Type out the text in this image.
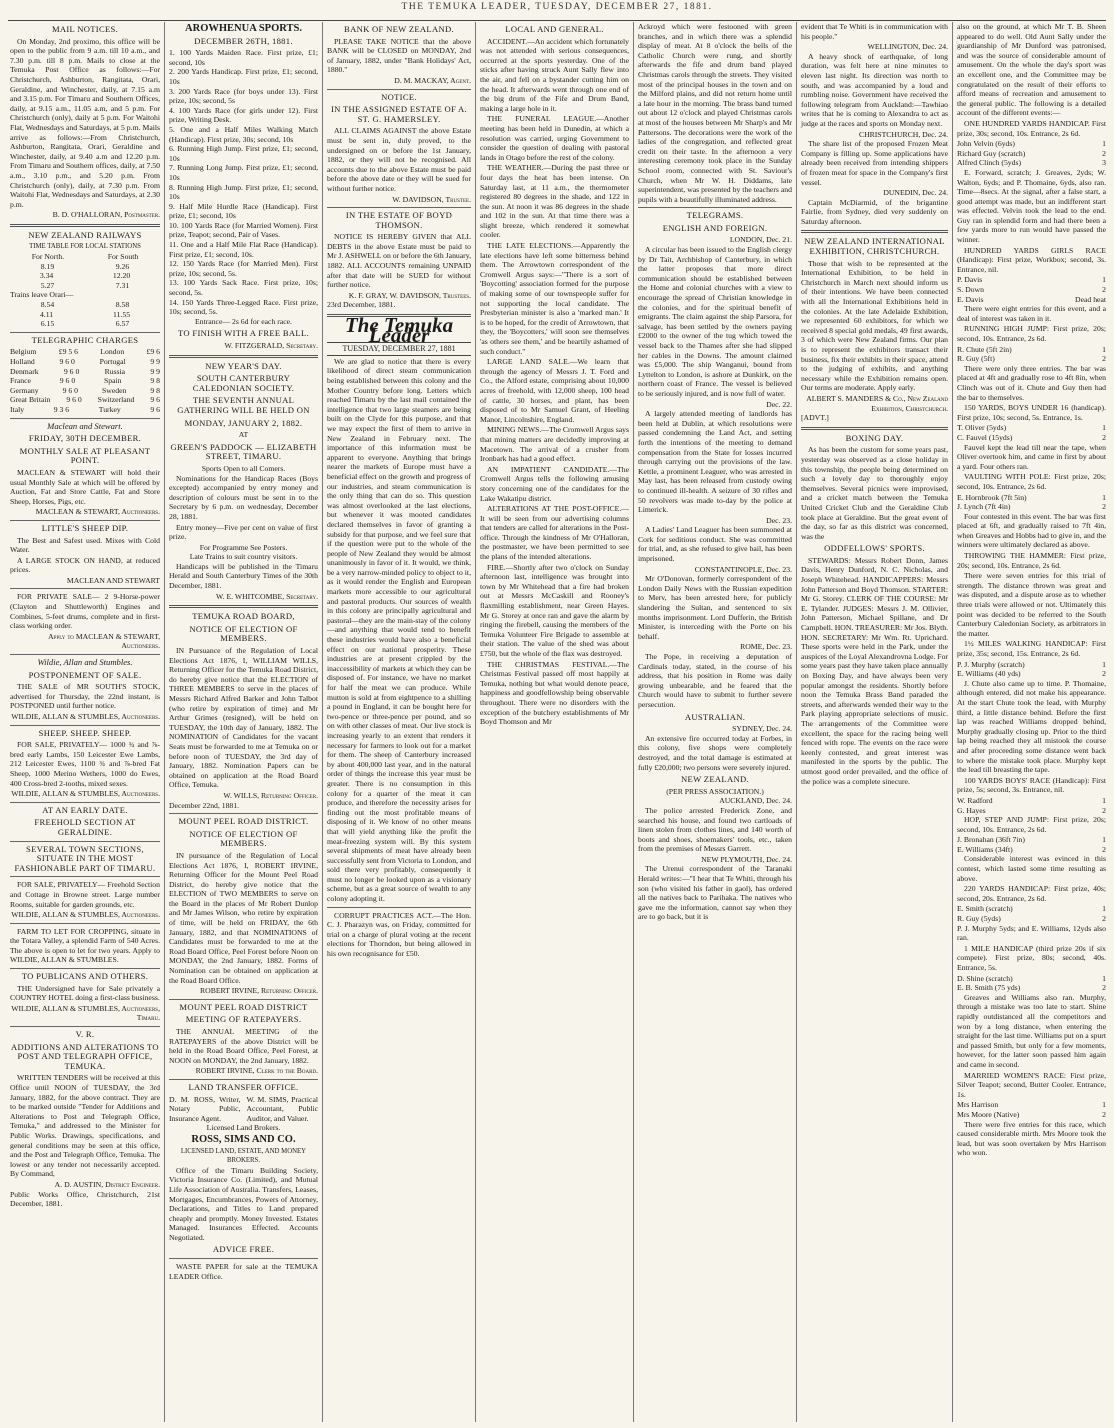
THE TEMUKA LEADER, TUESDAY, DECEMBER 27, 1881.
MAIL NOTICES.
On Monday, 2nd proximo, this office will be open to the public from 9 a.m. till 10 a.m., and 7.30 p.m. till 8 p.m. Mails to close at the Temuka Post Office as follows:—For Christchurch, Ashburton, Rangitata, Orari, Geraldine, and Winchester, daily, at 7.15 a.m and 3.15 p.m. For Timaru and Southern Offices, daily, at 9.15 a.m., 11.05 a.m, and 5 p.m. For Christchurch (only), daily at 5 p.m. For Waitohi Flat, Wednesdays and Saturdays, at 5 p.m. Mails arrive as follows:—From Christchurch, Ashburton, Rangitata, Orari, Geraldine and Winchester, daily, at 9.40 a.m and 12.20 p.m. From Timaru and Southern offices, daily, at 7.50 a.m., 3.10 p.m., and 5.20 p.m. From Christchurch (only), daily, at 7.30 p.m. From Waitohi Flat, Wednesdays and Saturdays, at 2.30 p.m.
B. D. O'HALLORAN, Postmaster.
NEW ZEALAND RAILWAYS
TIME TABLE FOR LOCAL STATIONS
For North.	For South
8.19	9.26
3.34	12.20
5.27	7.31
Trains leave Orari—
8.54	8.58
4.11	11.55
6.15	6.57
TELEGRAPHIC CHARGES
Belgium	£9 5 6	London	£9 6
Holland	9 6 0	Portugal	9 9
Denmark	9 6 0	Russia	9 9
France	9 6 0	Spain	9 8
Germany	9 6 0	Sweden	9 8
Great Britain 9 6 0 Switzerland 9 6
Italy	9 3 6	Turkey	9 6
Maclean and Stewart.
FRIDAY, 30TH DECEMBER.
MONTHLY SALE AT PLEASANT POINT.
MACLEAN & STEWART will hold their usual Monthly Sale at which will be offered by Auction, Fat and Store Cattle, Fat and Store Sheep, Horses, Pigs, etc.
MACLEAN & STEWART, Auctioneers.
LITTLE'S SHEEP DIP.
The Best and Safest used. Mixes with Cold Water.
A LARGE STOCK ON HAND, at reduced prices.
MACLEAN AND STEWART
FOR PRIVATE SALE— 2 9-Horse-power (Clayton and Shuttleworth) Engines and Combines, 5-feet drums, complete and in first-class working order.
Apply to MACLEAN & STEWART, Auctioneers.
Wildie, Allan and Stumbles.
POSTPONEMENT OF SALE.
THE SALE of MR SOUTH'S STOCK, advertised for Thursday, the 22nd instant, is POSTPONED until further notice.
WILDIE, ALLAN & STUMBLES, Auctioneers.
SHEEP. SHEEP. SHEEP.
FOR SALE, PRIVATELY— 1000 ¾ and ⅞-bred early Lambs, 150 Leicester Ewe Lambs, 212 Leicester Ewes, 1100 ¾ and ⅞-bred Fat Sheep, 1000 Merino Wethers, 1000 do Ewes, 400 Cross-bred 2-tooths, mixed sexes.
WILDIE, ALLAN & STUMBLES, Auctioneers.
AT AN EARLY DATE.
FREEHOLD SECTION AT GERALDINE.
SEVERAL TOWN SECTIONS, SITUATE IN THE MOST FASHIONABLE PART OF TIMARU.
FOR SALE, PRIVATELY— Freehold Section and Cottage in Browne street. Large number Rooms, suitable for garden grounds, etc.
WILDIE, ALLAN & STUMBLES, Auctioneers.
FARM TO LET FOR CROPPING, situate in the Totara Valley, a splendid Farm of 540 Acres. The above is open to let for two years. Apply to WILDIE, ALLAN & STUMBLES.
TO PUBLICANS AND OTHERS.
THE Undersigned have for Sale privately a COUNTRY HOTEL doing a first-class business.
WILDIE, ALLAN & STUMBLES, Auctioneers, Timaru.
V. R.
ADDITIONS AND ALTERATIONS TO POST AND TELEGRAPH OFFICE, TEMUKA.
WRITTEN TENDERS will be received at this Office until NOON of TUESDAY, the 3rd January, 1882, for the above contract. They are to be marked outside "Tender for Additions and Alterations to Post and Telegraph Office, Temuka," and addressed to the Minister for Public Works. Drawings, specifications, and general conditions may be seen at this office, and the Post and Telegraph Office, Temuka. The lowest or any tender not necessarily accepted. By Command,
A. D. AUSTIN, District Engineer.
Public Works Office, Christchurch, 21st December, 1881.
AROWHENUA SPORTS.
DECEMBER 26TH, 1881.
1. 100 Yards Maiden Race. First prize, £1; second, 10s
2. 200 Yards Handicap. First prize, £1; second, 10s
3. 200 Yards Race (for boys under 13). First prize, 10s; second, 5s
4. 100 Yards Race (for girls under 12). First prize, Writing Desk.
5. One and a Half Miles Walking Match (Handicap). First prize, 30s; second, 10s
6. Running High Jump. First prize, £1; second, 10s
7. Running Long Jump. First prize, £1; second, 10s
8. Running High Jump. First prize, £1; second, 10s
9. Half Mile Hurdle Race (Handicap). First prize, £1; second, 10s
10. 100 Yards Race (for Married Women). First prize, Teapot; second, Pair of Vases.
11. One and a Half Mile Flat Race (Handicap). First prize, £1; second, 10s.
12. 150 Yards Race (for Married Men). First prize, 10s; second, 5s.
13. 100 Yards Sack Race. First prize, 10s; second, 5s.
14. 150 Yards Three-Legged Race. First prize, 10s; second, 5s.
Entrance— 2s 6d for each race.
TO FINISH WITH A FREE BALL.
W. FITZGERALD, Secretary.
NEW YEAR'S DAY.
SOUTH CANTERBURY CALEDONIAN SOCIETY.
THE SEVENTH ANNUAL GATHERING WILL BE HELD ON
MONDAY, JANUARY 2, 1882.
AT
GREEN'S PADDOCK — ELIZABETH STREET, TIMARU.
Sports Open to all Comers.
Nominations for the Handicap Races (Boys excepted) accompanied by entry money and description of colours must be sent in to the Secretary by 6 p.m. on wednesday, December 28, 1881.
Entry money—Five per cent on value of first prize.
For Programme See Posters.
Late Trains to suit country visitors.
Handicaps will be published in the Timaru Herald and South Canterbury Times of the 30th December, 1881.
W. E. WHITCOMBE, Secretary.
TEMUKA ROAD BOARD,
NOTICE OF ELECTION OF MEMBERS.
IN Pursuance of the Regulation of Local Elections Act 1876, I, WILLIAM WILLS, Returning Officer for the Temuka Road District, do hereby give notice that the ELECTION of THREE MEMBERS to serve in the places of Messrs Richard Alfred Barker and John Talbot (who retire by expiration of time) and Mr Arthur Grimes (resigned), will be held on TUESDAY, the 10th day of January, 1882. The NOMINATION of Candidates for the vacant Seats must be forwarded to me at Temuka on or before noon of TUESDAY, the 3rd day of January, 1882. Nomination Papers can be obtained on application at the Road Board Office, Temuka.
W. WILLS, Returning Officer.
December 22nd, 1881.
MOUNT PEEL ROAD DISTRICT.
NOTICE OF ELECTION OF MEMBERS.
IN pursuance of the Regulation of Local Elections Act 1876, I, ROBERT IRVINE, Returning Officer for the Mount Peel Road District, do hereby give notice that the ELECTION of TWO MEMBERS to serve on the Board in the places of Mr Robert Dunlop and Mr James Wilson, who retire by expiration of time, will be held on FRIDAY, the 6th January, 1882, and that NOMINATIONS of Candidates must be forwarded to me at the Road Board Office, Peel Forest before Noon on MONDAY, the 2nd January, 1882. Forms of Nomination can be obtained on application at the Road Board Office.
ROBERT IRVINE, Returning Officer.
MOUNT PEEL ROAD DISTRICT
MEETING OF RATEPAYERS.
THE ANNUAL MEETING of the RATEPAYERS of the above District will be held in the Road Board Office, Peel Forest, at NOON on MONDAY, the 2nd January, 1882.
ROBERT IRVINE, Clerk to the Board.
LAND TRANSFER OFFICE.
D. M. ROSS, Writer, Notary Public, Insurance Agent.
W. M. SIMS, Practical Accountant, Public Auditor, and Valuer.
Licensed Land Brokers.
ROSS, SIMS AND CO.
LICENSED LAND, ESTATE, AND MONEY BROKERS.
Office of the Timaru Building Society, Victoria Insurance Co. (Limited), and Mutual Life Association of Australia. Transfers, Leases, Mortgages, Encumbrances, Powers of Attorney, Declarations, and Titles to Land prepared cheaply and promptly. Money Invested. Estates Managed. Insurances Effected. Accounts Negotiated.
ADVICE FREE.
WASTE PAPER for sale at the TEMUKA LEADER Office.
BANK OF NEW ZEALAND.
PLEASE TAKE NOTICE that the above BANK will be CLOSED on MONDAY, 2nd of January, 1882, under "Bank Holidays' Act, 1880."
D. M. MACKAY, Agent.
NOTICE.
IN THE ASSIGNED ESTATE OF A. ST. G. HAMERSLEY.
ALL CLAIMS AGAINST the above Estate must be sent in, duly proved, to the undersigned on or before the 1st January, 1882, or they will not be recognised. All accounts due to the above Estate must be paid before the above date or they will be sued for without further notice.
W. DAVIDSON, Trustee.
IN THE ESTATE OF BOYD THOMSON.
NOTICE IS HEREBY GIVEN that ALL DEBTS in the above Estate must be paid to Mr J. ASHWELL on or before the 6th January, 1882. ALL ACCOUNTS remaining UNPAID after that date will be SUED for without further notice.
K. F. GRAY, W. DAVIDSON, Trustees.
23rd December, 1881.
The Temuka Leader
TUESDAY, DECEMBER 27, 1881
We are glad to notice that there is every likelihood of direct steam communication being established between this colony and the Mother Country before long. Letters which reached Timaru by the last mail contained the intelligence that two large steamers are being built on the Clyde for this purpose, and that we may expect the first of them to arrive in New Zealand in February next. The importance of this information must be apparent to everyone. Anything that brings nearer the markets of Europe must have a beneficial effect on the growth and progress of our industries, and steam communication is the only thing that can do so. This question was almost overlooked at the last elections, but whenever it was mooted candidates declared themselves in favor of granting a subsidy for that purpose, and we feel sure that if the question were put to the whole of the people of New Zealand they would be almost unanimously in favor of it. It would, we think, be a very narrow-minded policy to object to it, as it would render the English and European markets more accessible to our agricultural and pastoral products. Our sources of wealth in this colony are principally agricultural and pastoral—they are the main-stay of the colony—and anything that would tend to benefit these industries would have also a beneficial effect on our national prosperity. These industries are at present crippled by the inaccessibility of markets at which they can be disposed of. For instance, we have no market for half the meat we can produce. While mutton is sold at from eightpence to a shilling a pound in England, it can be bought here for two-pence or three-pence per pound, and so on with other classes of meat. Our live stock is increasing yearly to an extent that renders it necessary for farmers to look out for a market for them. The sheep of Canterbury increased by about 400,000 last year, and in the natural order of things the increase this year must be greater. There is no consumption in this colony for a quarter of the meat it can produce, and therefore the necessity arises for finding out the most profitable means of disposing of it. We know of no other means that will yield anything like the profit the meat-freezing system will. By this system several shipments of meat have already been successfully sent from Victoria to London, and sold there very profitably, consequently it must no longer be looked upon as a visionary scheme, but as a great source of wealth to any colony adopting it.
CORRUPT PRACTICES ACT.—The Hon. C. J. Pharazyn was, on Friday, committed for trial on a charge of plural voting at the recent elections for Thorndon, but being allowed in his own recognisance for £50.
LOCAL AND GENERAL.
ACCIDENT.—An accident which fortunately was not attended with serious consequences, occurred at the sports yesterday. One of the sticks after having struck Aunt Sally flew into the air, and fell on a bystander cutting him on the head. It afterwards went through one end of the big drum of the Fife and Drum Band, making a large hole in it.
THE FUNERAL LEAGUE.—Another meeting has been held in Dunedin, at which a resolution was carried, urging Government to consider the question of dealing with pastoral lands in Otago before the rest of the colony.
THE WEATHER.—During the past three or four days the heat has been intense. On Saturday last, at 11 a.m., the thermometer registered 80 degrees in the shade, and 122 in the sun. At noon it was 86 degrees in the shade and 102 in the sun. At that time there was a slight breeze, which rendered it somewhat cooler.
THE LATE ELECTIONS.—Apparently the late elections have left some bitterness behind them. The Arrowtown correspondent of the Cromwell Argus says:—"There is a sort of 'Boycotting' association formed for the purpose of making some of our townspeople suffer for not supporting the local candidate. The Presbyterian minister is also a 'marked man.' It is to be hoped, for the credit of Arrowtown, that they, the 'Boycotters,' will soon see themselves 'as others see them,' and be heartily ashamed of such conduct."
LARGE LAND SALE.—We learn that through the agency of Messrs J. T. Ford and Co., the Alford estate, comprising about 10,000 acres of freehold, with 12,000 sheep, 100 head of cattle, 30 horses, and plant, has been disposed of to Mr Samuel Grant, of Heeling Manor, Lincolnshire, England.
MINING NEWS.—The Cromwell Argus says that mining matters are decidedly improving at Macetown. The arrival of a crusher from Ironbark has had a good effect.
AN IMPATIENT CANDIDATE.—The Cromwell Argus tells the following amusing story concerning one of the candidates for the Lake Wakatipu district.
ALTERATIONS AT THE POST-OFFICE.—It will be seen from our advertising columns that tenders are called for alterations in the Post-office. Through the kindness of Mr O'Halloran, the postmaster, we have been permitted to see the plans of the intended alterations.
FIRE.—Shortly after two o'clock on Sunday afternoon last, intelligence was brought into town by Mr Whitehead that a fire had broken out at Messrs McCaskill and Rooney's flaxmilling establishment, near Green Hayes. Mr G. Storey at once ran and gave the alarm by ringing the firebell, causing the members of the Temuka Volunteer Fire Brigade to assemble at their station. The value of the shed was about £750, but the whole of the flax was destroyed.
THE CHRISTMAS FESTIVAL.—The Christmas Festival passed off most happily at Temuka, nothing but what would denote peace, happiness and goodfellowship being observable throughout. There were no disorders with the exception of the butchery establishments of Mr Boyd Thomson and Mr
Ackroyd which were festooned with green branches, and in which there was a splendid display of meat. At 8 o'clock the bells of the Catholic Church were rung, and shortly afterwards the fife and drum band played Christmas carols through the streets. They visited most of the principal houses in the town and on the Milford plains, and did not return home until a late hour in the morning. The brass band turned out about 12 o'clock and played Christmas carols at most of the houses between Mr Sharp's and Mr Pattersons. The decorations were the work of the ladies of the congregation, and reflected great credit on their taste. In the afternoon a very interesting ceremony took place in the Sunday School room, connected with St. Saviour's Church, when Mr W. H. Diddams, late superintendent, was presented by the teachers and pupils with a beautifully illuminated address.
TELEGRAMS.
ENGLISH AND FOREIGN.
LONDON, Dec. 21.
A circular has been issued to the English clergy by Dr Tait, Archbishop of Canterbury, in which the latter proposes that more direct communication should be established between the Home and colonial churches with a view to encourage the spread of Christian knowledge in the colonies, and for the spiritual benefit of emigrants. The claim against the ship Parsora, for salvage, has been settled by the owners paying £2000 to the owner of the tug which towed the vessel back to the Thames after she had slipped her cables in the Downs. The amount claimed was £5,000. The ship Wanganui, bound from Lyttelton to London, is ashore at Dunkirk, on the northern coast of France. The vessel is believed to be seriously injured, and is now full of water.
Dec. 22.
A largely attended meeting of landlords has been held at Dublin, at which resolutions were passed condemning the Land Act, and setting forth the intentions of the meeting to demand compensation from the State for losses incurred through carrying out the provisions of the law. Kettle, a prominent Leaguer, who was arrested in May last, has been released from custody owing to continued ill-health. A seizure of 30 rifles and 50 revolvers was made to-day by the police at Limerick.
Dec. 23.
A Ladies' Land Leaguer has been summoned at Cork for seditious conduct. She was committed for trial, and, as she refused to give bail, has been imprisoned.
CONSTANTINOPLE, Dec. 23.
Mr O'Donovan, formerly correspondent of the London Daily News with the Russian expedition to Merv, has been arrested here, for publicly slandering the Sultan, and sentenced to six months imprisonment. Lord Dufferin, the British Minister, is interceding with the Porte on his behalf.
ROME, Dec. 23.
The Pope, in receiving a deputation of Cardinals today, stated, in the course of his address, that his position in Rome was daily growing unbearable, and he feared that the Church would have to submit to further severe persecution.
AUSTRALIAN.
SYDNEY, Dec. 24.
An extensive fire occurred today at Forbes, in this colony, five shops were completely destroyed, and the total damage is estimated at fully £20,000; two persons were severely injured.
NEW ZEALAND.
(PER PRESS ASSOCIATION.)
AUCKLAND, Dec. 24.
The police arrested Frederick Zone, and searched his house, and found two cartloads of linen stolen from clothes lines, and 140 worth of boots and shoes, shoemakers' tools, etc., taken from the premises of Messrs Garrett.
NEW PLYMOUTH, Dec. 24.
The Urenui correspondent of the Taranaki Herald writes:—"I hear that Te Whiti, through his son (who visited his father in gaol), has ordered all the natives back to Parihaka. The natives who gave me the information, cannot say when they are to go back, but it is
evident that Te Whiti is in communication with his people."
WELLINGTON, Dec. 24.
A heavy shock of earthquake, of long duration, was felt here at nine minutes to eleven last night. Its direction was north to south, and was accompanied by a loud and rumbling noise. Government have received the following telegram from Auckland:—Tawhiao writes that he is coming to Alexandra to act as judge at the races and sports on Monday next.
CHRISTCHURCH, Dec. 24.
The share list of the proposed Frozen Meat Company is filling up. Some applications have already been received from intending shippers of frozen meat for space in the Company's first vessel.
DUNEDIN, Dec. 24.
Captain McDiarmid, of the brigantine Fairlie, from Sydney, died very suddenly on Saturday afternoon.
NEW ZEALAND INTERNATIONAL EXHIBITION, CHRISTCHURCH.
Those that wish to be represented at the International Exhibition, to be held in Christchurch in March next should inform us of their intentions. We have been connected with all the International Exhibitions held in the colonies. At the late Adelaide Exhibition, we represented 60 exhibitors, for which we received 8 special gold medals, 49 first awards, 3 of which were New Zealand firms. Our plan is to represent the exhibitors transact their business, fix their exhibits in their space, attend to the judging of exhibits, and anything necessary while the Exhibition remains open. Our terms are moderate. Apply early.
ALBERT S. MANDERS & Co., New Zealand Exhibition, Christchurch.
[ADVT.]
BOXING DAY.
As has been the custom for some years past, yesterday was observed as a close holiday in this township, the people being determined on such a lovely day to thoroughly enjoy themselves. Several picnics were improvised, and a cricket match between the Temuka United Cricket Club and the Geraldine Club took place at Geraldine. But the great event of the day, so far as this district was concerned, was the
ODDFELLOWS' SPORTS.
STEWARDS: Messrs Robert Donn, James Davis, Henry Dunford, N. C. Nicholas, and Joseph Whitehead. HANDICAPPERS: Messrs John Patterson and Boyd Thomson. STARTER: Mr G. Storey. CLERK OF THE COURSE: Mr E. Tylander. JUDGES: Messrs J. M. Ollivier, John Patterson, Michael Spillane, and Dr Campbell. HON. TREASURER: Mr Jos. Blyth. HON. SECRETARY: Mr Wm. Rt. Uprichard. These sports were held in the Park, under the auspices of the Loyal Alexandrovna Lodge. For some years past they have taken place annually on Boxing Day, and have always been very popular amongst the residents. Shortly before noon the Temuka Brass Band paraded the streets, and afterwards wended their way to the Park playing appropriate selections of music. The arrangements of the Committee were excellent, the space for the racing being well fenced with rope. The events on the race were keenly contested, and great interest was manifested in the sports by the public. The utmost good order prevailed, and the office of the police was a complete sinecure.
also on the ground, at which Mr T. B. Sheen appeared to do well. Old Aunt Sally under the guardianship of Mr Dunford was patronised, and was the source of considerable amount of amusement. On the whole the day's sport was an excellent one, and the Committee may be congratulated on the result of their efforts to afford means of recreation and amusement to the general public. The following is a detailed account of the different events:—
ONE HUNDRED YARDS HANDICAP. First prize, 30s; second, 10s. Entrance, 2s 6d.
John Velvin (6yds)	1
Richard Guy (scratch)	2
Alfred Clinch (5yds)	3
E. Forward, scratch; J. Greaves, 2yds; W. Walton, 6yds; and P. Thomaine, 6yds, also ran. Time—8secs. At the signal, after a false start, a good attempt was made, but an indifferent start was effected. Velvin took the lead to the end. Guy ran in splendid form and had there been a few yards more to run would have passed the winner.
HUNDRED YARDS GIRLS RACE (Handicap): First prize, Workbox; second, 3s. Entrance, nil.
P. Davis	1
S. Down	2
E. Davis	Dead heat
There were eight entries for this event, and a deal of interest was taken in it.
RUNNING HIGH JUMP: First prize, 20s; second, 10s. Entrance, 2s 6d.
R. Chute (5ft 2in)	1
R. Guy (5ft)	2
There were only three entries. The bar was placed at 4ft and gradually rose to 4ft 8in, when Clinch was out of it. Chute and Guy then had the bar to themselves.
150 YARDS, BOYS UNDER 16 (handicap). First prize, 10s; second, 5s. Entrance, 1s.
T. Oliver (5yds)	1
C. Fauvel (15yds)	2
Fauvel kept the lead till near the tape, when Oliver overtook him, and came in first by about a yard. Four others ran.
VAULTING WITH POLE: First prize, 20s; second, 10s. Entrance, 2s 6d.
E. Hornbrook (7ft 5in)	1
J. Lynch (7ft 4in)	2
Four contested in this event. The bar was first placed at 6ft, and gradually raised to 7ft 4in, when Greaves and Hobbs had to give in, and the winners were ultimately declared as above.
THROWING THE HAMMER: First prize, 20s; second, 10s. Entrance, 2s 6d.
There were seven entries for this trial of strength. The distance thrown was great and was disputed, and a dispute arose as to whether three trials were allowed or not. Ultimately this point was decided to be referred to the South Canterbury Caledonian Society, as arbitrators in the matter.
1½ MILES WALKING HANDICAP: First prize, 35s; second, 15s. Entrance, 2s 6d.
P. J. Murphy (scratch)	1
E. Williams (40 yds)	2
J. Chute also came up to time. P. Thomaine, although entered, did not make his appearance. At the start Chute took the lead, with Murphy third, a little distance behind. Before the first lap was reached Williams dropped behind, Murphy gradually closing up. Prior to the third lap being reached they all mistook the course and after proceeding some distance went back to where the mistake took place. Murphy kept the lead till breasting the tape.
100 YARDS BOYS' RACE (Handicap): First prize, 5s; second, 3s. Entrance, nil.
W. Radford	1
G. Hayes	2
HOP, STEP AND JUMP: First prize, 20s; second, 10s. Entrance, 2s 6d.
J. Bronahan (36ft 7in)	1
E. Williams (34ft)	2
Considerable interest was evinced in this contest, which lasted some time resulting as above.
220 YARDS HANDICAP: First prize, 40s; second, 20s. Entrance, 2s 6d.
E. Smith (scratch)	1
R. Guy (5yds)	2
P. J. Murphy 5yds; and E. Williams, 12yds also ran.
1 MILE HANDICAP (third prize 20s if six compete). First prize, 80s; second, 40s. Entrance, 5s.
D. Shine (scratch)	1
E. B. Smith (75 yds)	2
Greaves and Williams also ran. Murphy, through a mistake was too late to start. Shine rapidly outdistanced all the competitors and won by a long distance, when entering the straight for the last time. Williams put on a spurt and passed Smith, but only for a few moments, however, for the latter soon passed him again and came in second.
MARRIED WOMEN'S RACE: First prize, Silver Teapot; second, Butter Cooler. Entrance, 1s.
Mrs Harrison	1
Mrs Moore (Native)	2
There were five entries for this race, which caused considerable mirth. Mrs Moore took the lead, but was soon overtaken by Mrs Harrison who won.
